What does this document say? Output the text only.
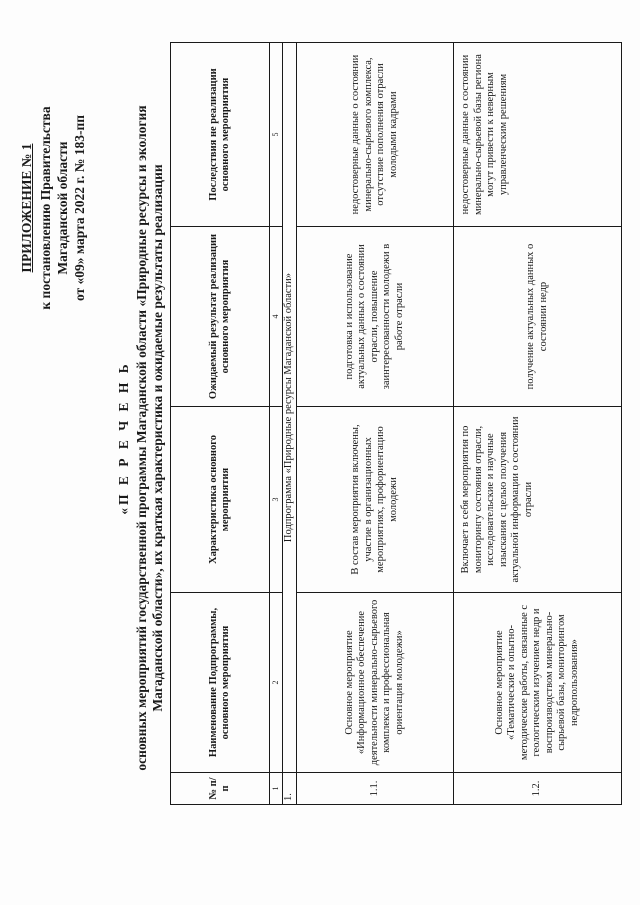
ПРИЛОЖЕНИЕ № 1 к постановлению Правительства Магаданской области от «09» марта 2022 г. № 183-пп
«П Е Р Е Ч Е Н Ь основных мероприятий государственной программы Магаданской области «Природные ресурсы и экология Магаданской области», их краткая характеристика и ожидаемые результаты реализации
№ п/п	Наименование Подпрограммы, основного мероприятия	Характеристика основного мероприятия	Ожидаемый результат реализации основного мероприятия	Последствия не реализации основного мероприятия
1	2	3	4	5
1.	Подпрограмма «Природные ресурсы Магаданской области»			
1.1.	Основное мероприятие «Информационное обеспечение деятельности минерально-сырьевого комплекса и профессиональная ориентация молодежи»	В состав мероприятия включены, участие в организационных мероприятиях, профориентацию молодежи	подготовка и использование актуальных данных о состоянии отрасли, повышение заинтересованности молодежи в работе отрасли	недостоверные данные о состоянии минерально-сырьевого комплекса, отсутствие пополнения отрасли молодыми кадрами
1.2.	Основное мероприятие «Тематические и опытно-методические работы, связанные с геологическим изучением недр и воспроизводством минерально-сырьевой базы, мониторингом недропользования»	Включает в себя мероприятия по мониторингу состояния отрасли, исследовательские и научные изыскания с целью получения актуальной информации о состоянии отрасли	получение актуальных данных о состоянии недр	недостоверные данные о состоянии минерально-сырьевой базы региона могут привести к неверным управленческим решениям
